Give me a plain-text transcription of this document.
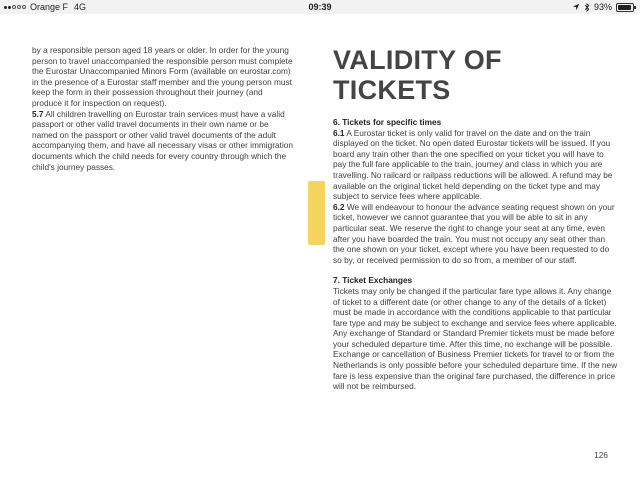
Orange F 4G	09:39	93%

by a responsible person aged 18 years or older. In order for the young person to travel unaccompanied the responsible person must complete the Eurostar Unaccompanied Minors Form (available on eurostar.com) in the presence of a Eurostar staff member and the young person must keep the form in their possession throughout their journey (and produce it for inspection on request).

5.7 All children travelling on Eurostar train services must have a valid passport or other valid travel documents in their own name or be named on the passport or other valid travel documents of the adult accompanying them, and have all necessary visas or other immigration documents which the child needs for every country through which the child's journey passes.

VALIDITY OF TICKETS

6. Tickets for specific times

6.1 A Eurostar ticket is only valid for travel on the date and on the train displayed on the ticket. No open dated Eurostar tickets will be issued. If you board any train other than the one specified on your ticket you will have to pay the full fare applicable to the train, journey and class in which you are travelling. No railcard or railpass reductions will be allowed. A refund may be available on the original ticket held depending on the ticket type and may subject to service fees where applicable.

6.2 We will endeavour to honour the advance seating request shown on your ticket, however we cannot guarantee that you will be able to sit in any particular seat. We reserve the right to change your seat at any time, even after you have boarded the train. You must not occupy any seat other than the one shown on your ticket, except where you have been requested to do so by, or received permission to do so from, a member of our staff.

7. Ticket Exchanges

Tickets may only be changed if the particular fare type allows it. Any change of ticket to a different date (or other change to any of the details of a ticket) must be made in accordance with the conditions applicable to that particular fare type and may be subject to exchange and service fees where applicable. Any exchange of Standard or Standard Premier tickets must be made before your scheduled departure time. After this time, no exchange will be possible. Exchange or cancellation of Business Premier tickets for travel to or from the Netherlands is only possible before your scheduled departure time. If the new fare is less expensive than the original fare purchased, the difference in price will not be reimbursed.

126
